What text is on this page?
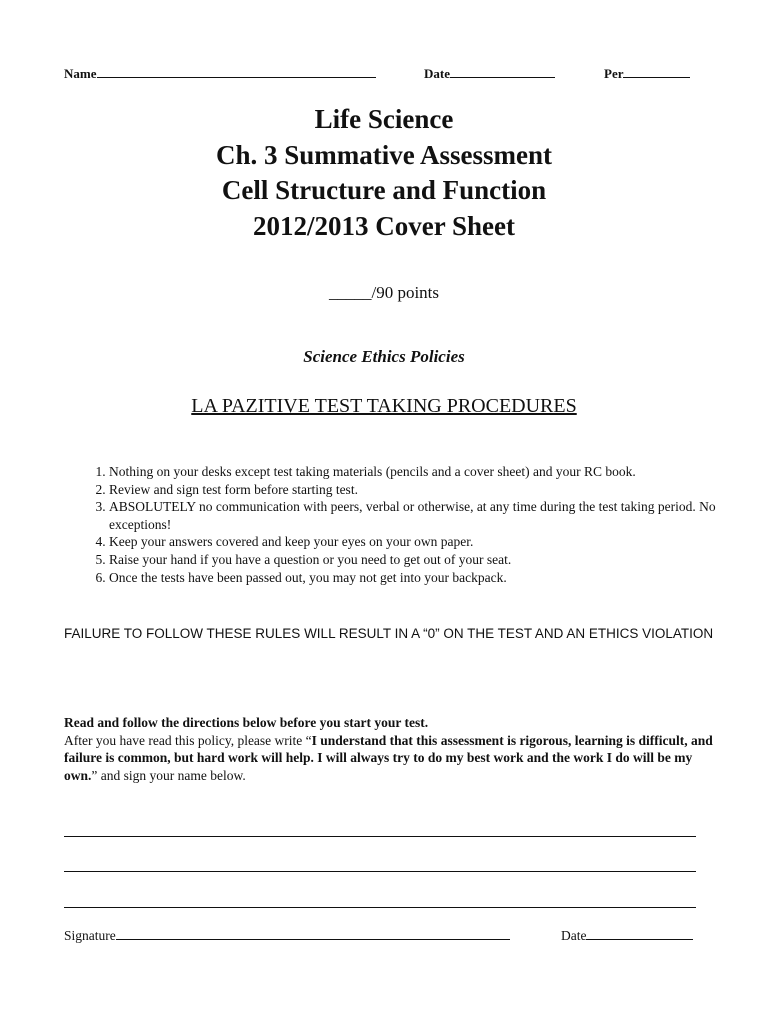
Name	Date	Per
Life Science
Ch. 3 Summative Assessment
Cell Structure and Function
2012/2013 Cover Sheet
_____/90 points
Science Ethics Policies
LA PAZITIVE TEST TAKING PROCEDURES
1. Nothing on your desks except test taking materials (pencils and a cover sheet) and your RC book.
2. Review and sign test form before starting test.
3. ABSOLUTELY no communication with peers, verbal or otherwise, at any time during the test taking period. No exceptions!
4. Keep your answers covered and keep your eyes on your own paper.
5. Raise your hand if you have a question or you need to get out of your seat.
6. Once the tests have been passed out, you may not get into your backpack.
FAILURE TO FOLLOW THESE RULES WILL RESULT IN A “0” ON THE TEST AND AN ETHICS VIOLATION
Read and follow the directions below before you start your test.
After you have read this policy, please write “I understand that this assessment is rigorous, learning is difficult, and failure is common, but hard work will help. I will always try to do my best work and the work I do will be my own.” and sign your name below.
Signature	Date
